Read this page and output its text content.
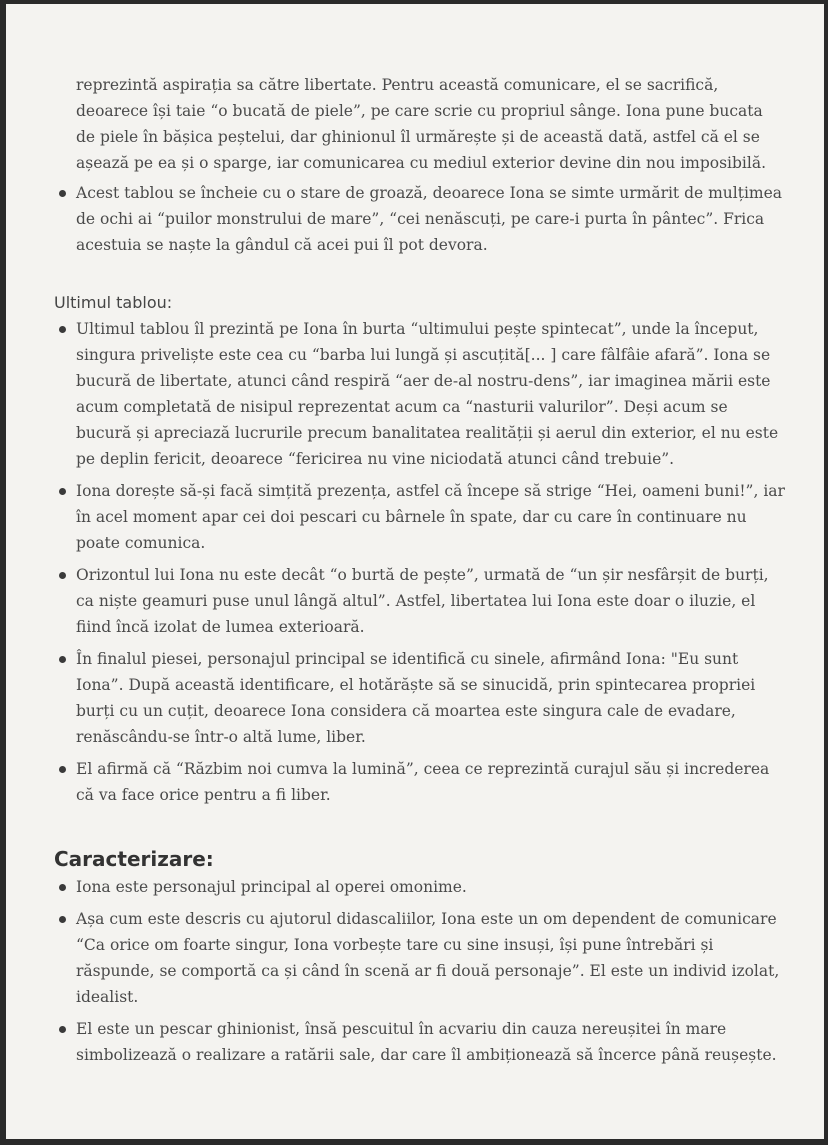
reprezintă aspirația sa către libertate. Pentru această comunicare, el se sacrifică, deoarece își taie “o bucată de piele”, pe care scrie cu propriul sânge. Iona pune bucata de piele în bășica peștelui, dar ghinionul îl urmărește și de această dată, astfel că el se așează pe ea și o sparge, iar comunicarea cu mediul exterior devine din nou imposibilă.

Acest tablou se încheie cu o stare de groază, deoarece Iona se simte urmărit de mulțimea de ochi ai “puilor monstrului de mare”, “cei nenăscuți, pe care-i purta în pântec”. Frica acestuia se naște la gândul că acei pui îl pot devora.
Ultimul tablou:
Ultimul tablou îl prezintă pe Iona în burta “ultimului pește spintecat”, unde la început, singura priveliște este cea cu “barba lui lungă și ascuțită[... ] care fâlfâie afară”. Iona se bucură de libertate, atunci când respiră “aer de-al nostru-dens”, iar imaginea mării este acum completată de nisipul reprezentat acum ca “nasturii valurilor”. Deși acum se bucură și apreciază lucrurile precum banalitatea realității și aerul din exterior, el nu este pe deplin fericit, deoarece “fericirea nu vine niciodată atunci când trebuie”.
Iona dorește să-și facă simțită prezența, astfel că începe să strige “Hei, oameni buni!”, iar în acel moment apar cei doi pescari cu bârnele în spate, dar cu care în continuare nu poate comunica.
Orizontul lui Iona nu este decât “o burtă de pește”, urmată de “un șir nesfârșit de burți, ca niște geamuri puse unul lângă altul”. Astfel, libertatea lui Iona este doar o iluzie, el fiind încă izolat de lumea exterioară.
În finalul piesei, personajul principal se identifică cu sinele, afirmând Iona: "Eu sunt Iona”. După această identificare, el hotărăște să se sinucidă, prin spintecarea propriei burți cu un cuțit, deoarece Iona considera că moartea este singura cale de evadare, renăscându-se într-o altă lume, liber.
El afirmă că “Răzbim noi cumva la lumină”, ceea ce reprezintă curajul său și increderea că va face orice pentru a fi liber.
Caracterizare:
Iona este personajul principal al operei omonime.
Așa cum este descris cu ajutorul didascaliilor, Iona este un om dependent de comunicare “Ca orice om foarte singur, Iona vorbește tare cu sine insuși, își pune întrebări și răspunde, se comportă ca și când în scenă ar fi două personaje”. El este un individ izolat, idealist.
El este un pescar ghinionist, însă pescuitul în acvariu din cauza nereușitei în mare simbolizează o realizare a ratării sale, dar care îl ambiționează să încerce până reușește.
